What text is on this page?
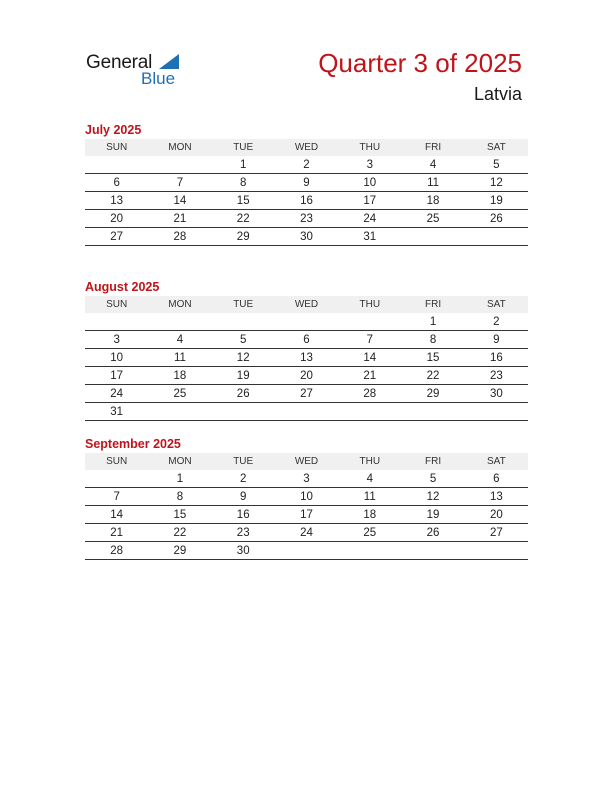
General
Blue
Quarter 3 of 2025
Latvia
July 2025
SUN	MON	TUE	WED	THU	FRI	SAT
		1	2	3	4	5
6	7	8	9	10	11	12
13	14	15	16	17	18	19
20	21	22	23	24	25	26
27	28	29	30	31		
August 2025
SUN	MON	TUE	WED	THU	FRI	SAT
					1	2
3	4	5	6	7	8	9
10	11	12	13	14	15	16
17	18	19	20	21	22	23
24	25	26	27	28	29	30
31						
September 2025
SUN	MON	TUE	WED	THU	FRI	SAT
	1	2	3	4	5	6
7	8	9	10	11	12	13
14	15	16	17	18	19	20
21	22	23	24	25	26	27
28	29	30				
